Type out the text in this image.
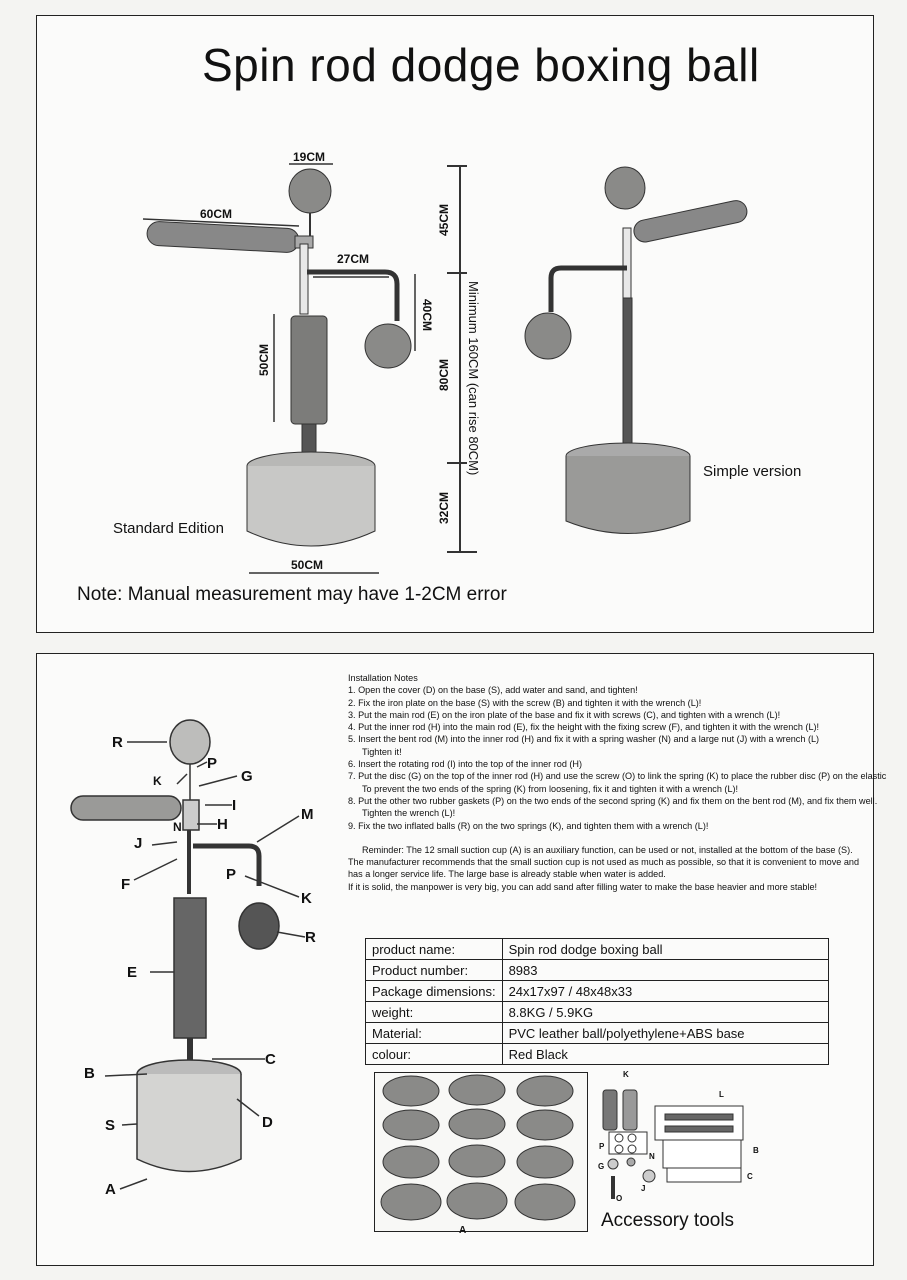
Spin rod dodge boxing ball
19CM
60CM
27CM
40CM
50CM
50CM
45CM
80CM
32CM
Minimum 160CM (can rise 80CM)
Standard Edition
Simple version
Note: Manual measurement may have 1-2CM error
R
K
P
G
I
M
N H
J
F
P
K
R
E
B
C
S	D
A
Installation Notes
1. Open the cover (D) on the base (S), add water and sand, and tighten!
2. Fix the iron plate on the base (S) with the screw (B) and tighten it with the wrench (L)!
3. Put the main rod (E) on the iron plate of the base and fix it with screws (C), and tighten with a wrench (L)!
4. Put the inner rod (H) into the main rod (E), fix the height with the fixing screw (F), and tighten it with the wrench (L)!
5. Insert the bent rod (M) into the inner rod (H) and fix it with a spring washer (N) and a large nut (J) with a wrench (L)
Tighten it!
6. Insert the rotating rod (I) into the top of the inner rod (H)
7. Put the disc (G) on the top of the inner rod (H) and use the screw (O) to link the spring (K) to place the rubber disc (P) on the elastic
To prevent the two ends of the spring (K) from loosening, fix it and tighten it with a wrench (L)!
8. Put the other two rubber gaskets (P) on the two ends of the second spring (K) and fix them on the bent rod (M), and fix them well.
Tighten the wrench (L)!
9. Fix the two inflated balls (R) on the two springs (K), and tighten them with a wrench (L)!
Reminder: The 12 small suction cup (A) is an auxiliary function, can be used or not, installed at the bottom of the base (S).
The manufacturer recommends that the small suction cup is not used as much as possible, so that it is convenient to move and
has a longer service life. The large base is already stable when water is added.
If it is solid, the manpower is very big, you can add sand after filling water to make the base heavier and more stable!
product name:	Spin rod dodge boxing ball
Product number:	8983
Package dimensions:	24x17x97 / 48x48x33
weight:	8.8KG / 5.9KG
Material:	PVC leather ball/polyethylene+ABS base
colour:	Red Black
A
K
L
B
P
N
G
J
O
C
Accessory tools
